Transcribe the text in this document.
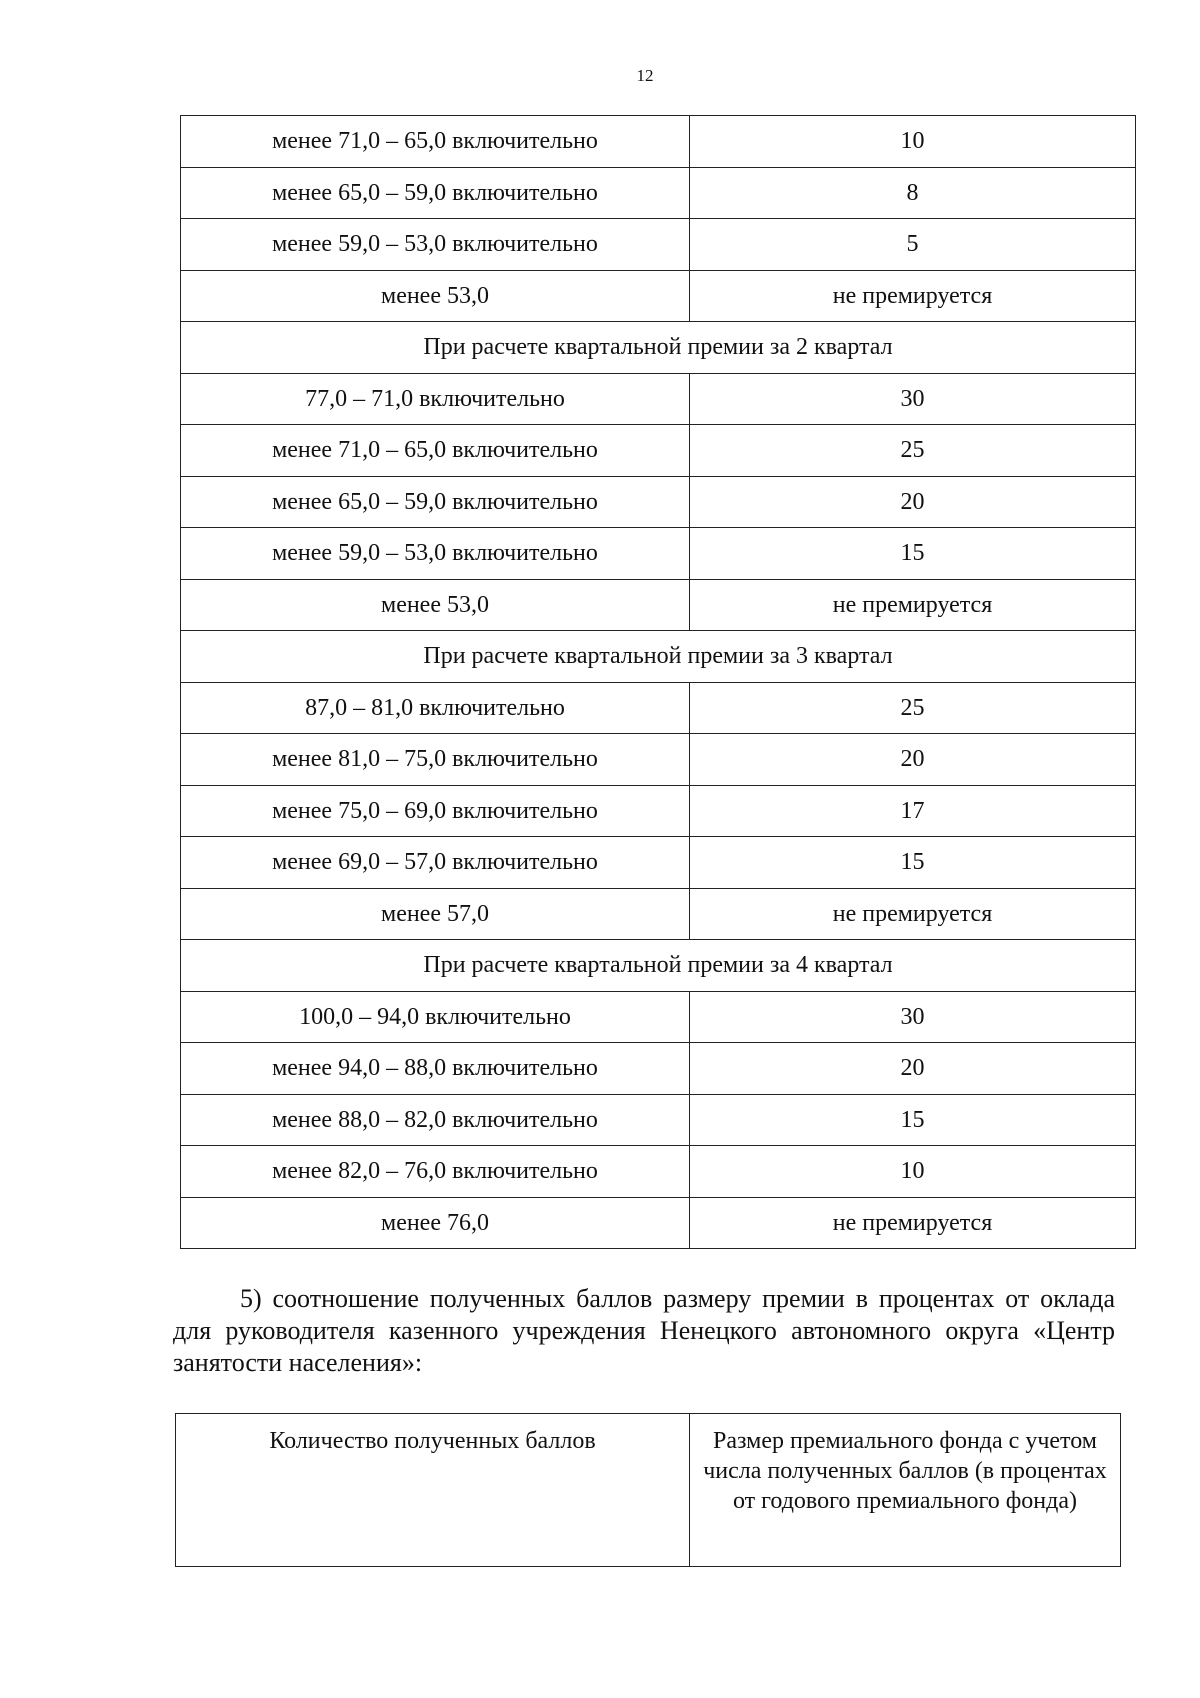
12
менее 71,0 – 65,0 включительно	10
менее 65,0 – 59,0 включительно	8
менее 59,0 – 53,0 включительно	5
менее 53,0	не премируется
При расчете квартальной премии за 2 квартал	
77,0 – 71,0 включительно	30
менее 71,0 – 65,0 включительно	25
менее 65,0 – 59,0 включительно	20
менее 59,0 – 53,0 включительно	15
менее 53,0	не премируется
При расчете квартальной премии за 3 квартал	
87,0 – 81,0 включительно	25
менее 81,0 – 75,0 включительно	20
менее 75,0 – 69,0 включительно	17
менее 69,0 – 57,0 включительно	15
менее 57,0	не премируется
При расчете квартальной премии за 4 квартал	
100,0 – 94,0 включительно	30
менее 94,0 – 88,0 включительно	20
менее 88,0 – 82,0 включительно	15
менее 82,0 – 76,0 включительно	10
менее 76,0	не премируется

5) соотношение полученных баллов размеру премии в процентах от оклада для руководителя казенного учреждения Ненецкого автономного округа «Центр занятости населения»:

Количество полученных баллов	Размер премиального фонда с учетом числа полученных баллов (в процентах от годового премиального фонда)
